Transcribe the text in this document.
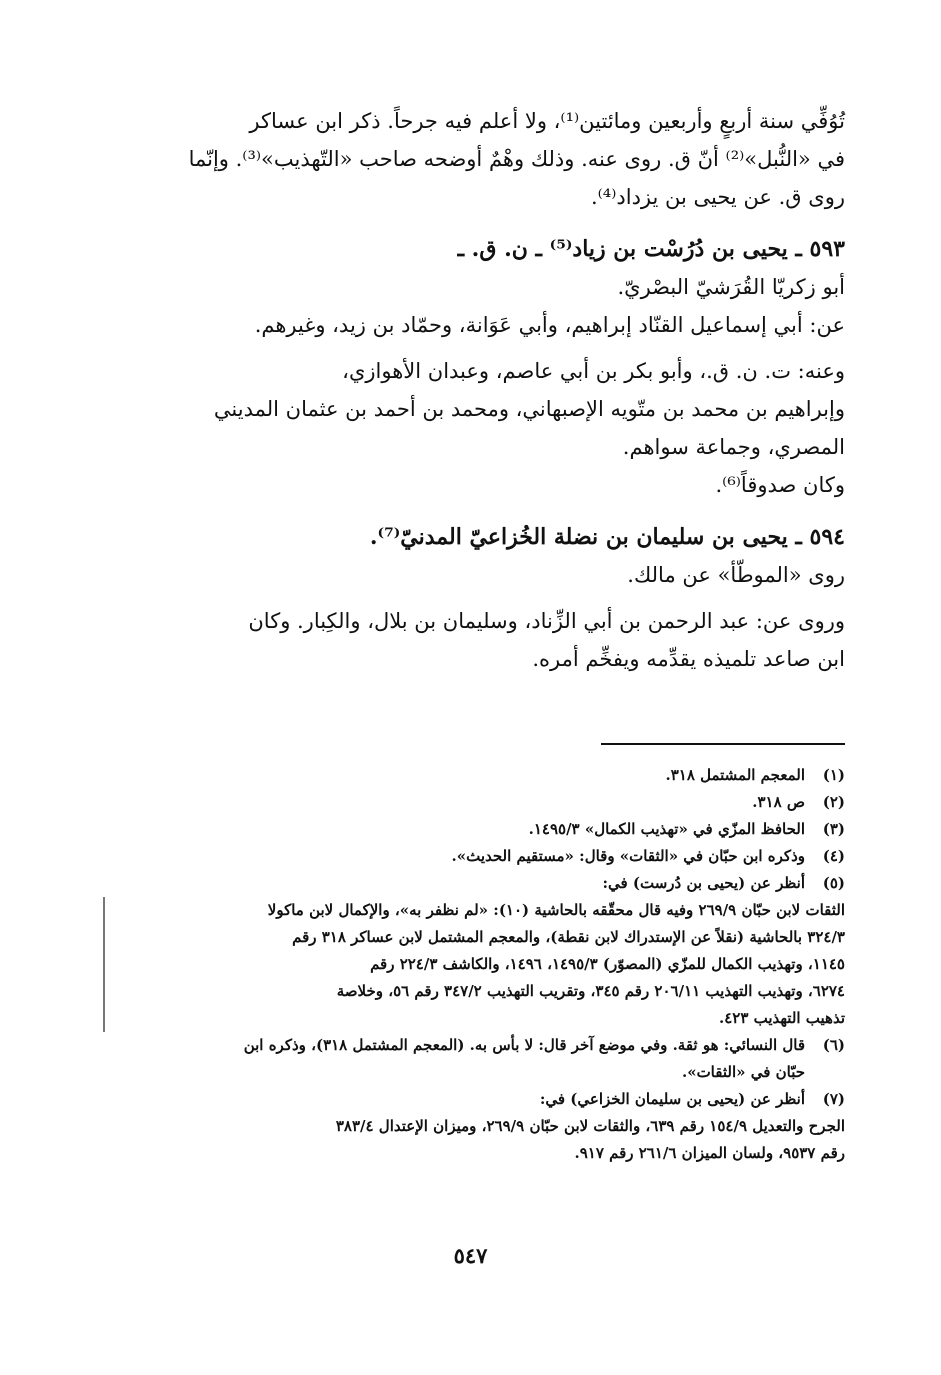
تُوُفِّي سنة أربعٍ وأربعين ومائتين⁽¹⁾، ولا أعلم فيه جرحاً. ذكر ابن عساكر
في «النُّبل»⁽²⁾ أنّ ق. روى عنه. وذلك وهْمٌ أوضحه صاحب «التّهذيب»⁽³⁾. وإنّما
روى ق. عن يحيى بن يزداد⁽⁴⁾.

٥٩٣ ـ يحيى بن دُرُسْت بن زياد⁽⁵⁾ ـ ن. ق. ـ

أبو زكريّا القُرَشيّ البصْريّ.

عن: أبي إسماعيل القنّاد إبراهيم، وأبي عَوَانة، وحمّاد بن زيد، وغيرهم.

وعنه: ت. ن. ق.، وأبو بكر بن أبي عاصم، وعبدان الأهوازي،
وإبراهيم بن محمد بن متّويه الإصبهاني، ومحمد بن أحمد بن عثمان المديني
المصري، وجماعة سواهم.

وكان صدوقاً⁽⁶⁾.

٥٩٤ ـ يحيى بن سليمان بن نضلة الخُزاعيّ المدنيّ⁽⁷⁾.

روى «الموطّأ» عن مالك.

وروى عن: عبد الرحمن بن أبي الزِّناد، وسليمان بن بلال، والكِبار. وكان
ابن صاعد تلميذه يقدِّمه ويفخِّم أمره.

(١)
المعجم المشتمل ٣١٨.
(٢)
ص ٣١٨.
(٣)
الحافظ المزّي في «تهذيب الكمال» ١٤٩٥/٣.
(٤)
وذكره ابن حبّان في «الثقات» وقال: «مستقيم الحديث».
(٥)
أنظر عن (يحيى بن دُرست) في:
الثقات لابن حبّان ٢٦٩/٩ وفيه قال محقّقه بالحاشية (١٠): «لم نظفر به»، والإكمال لابن ماكولا
٣٢٤/٣ بالحاشية (نقلاً عن الإستدراك لابن نقطة)، والمعجم المشتمل لابن عساكر ٣١٨ رقم
١١٤٥، وتهذيب الكمال للمزّي (المصوّر) ١٤٩٥/٣، ١٤٩٦، والكاشف ٢٢٤/٣ رقم
٦٢٧٤، وتهذيب التهذيب ٢٠٦/١١ رقم ٣٤٥، وتقريب التهذيب ٣٤٧/٢ رقم ٥٦، وخلاصة
تذهيب التهذيب ٤٢٣.
(٦)
قال النسائي: هو ثقة. وفي موضع آخر قال: لا بأس به. (المعجم المشتمل ٣١٨)، وذكره ابن
حبّان في «الثقات».
(٧)
أنظر عن (يحيى بن سليمان الخزاعي) في:
الجرح والتعديل ١٥٤/٩ رقم ٦٣٩، والثقات لابن حبّان ٢٦٩/٩، وميزان الإعتدال ٣٨٣/٤
رقم ٩٥٣٧، ولسان الميزان ٢٦١/٦ رقم ٩١٧.
٥٤٧
